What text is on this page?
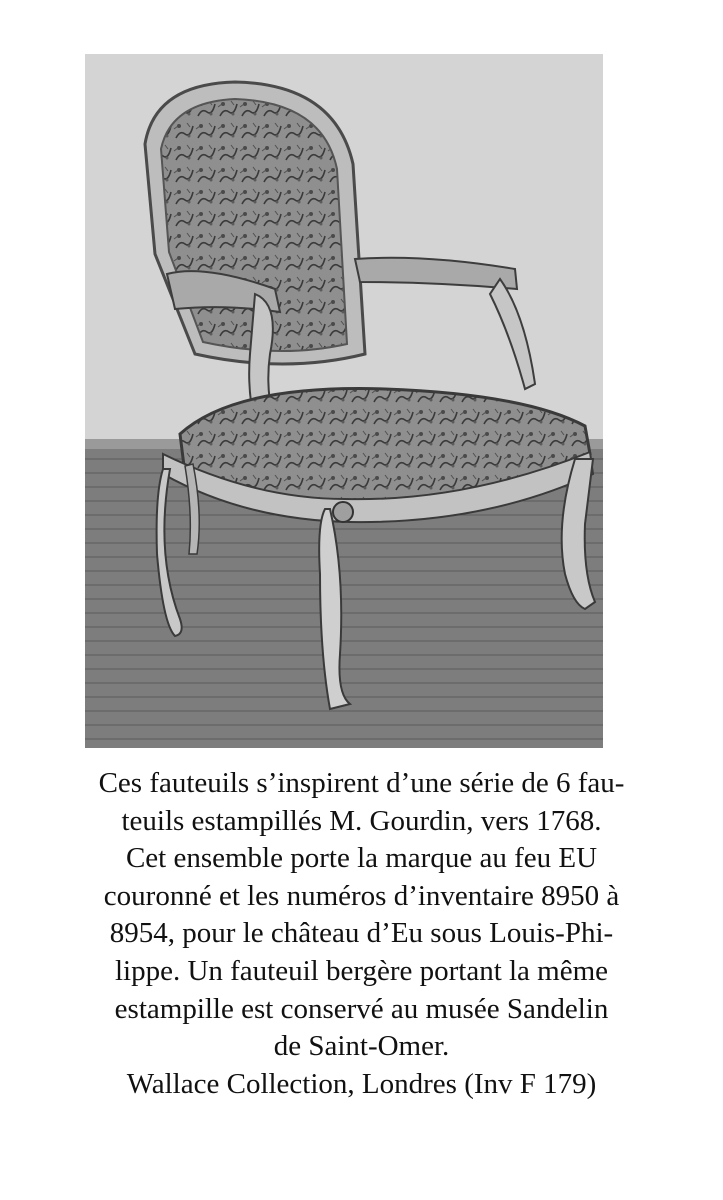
Ces fauteuils s’inspirent d’une série de 6 fau-
teuils estampillés M. Gourdin, vers 1768.
Cet ensemble porte la marque au feu EU
couronné et les numéros d’inventaire 8950 à
8954, pour le château d’Eu sous Louis-Phi-
lippe. Un fauteuil bergère portant la même
estampille est conservé au musée Sandelin
de Saint-Omer.
Wallace Collection, Londres (Inv F 179)
